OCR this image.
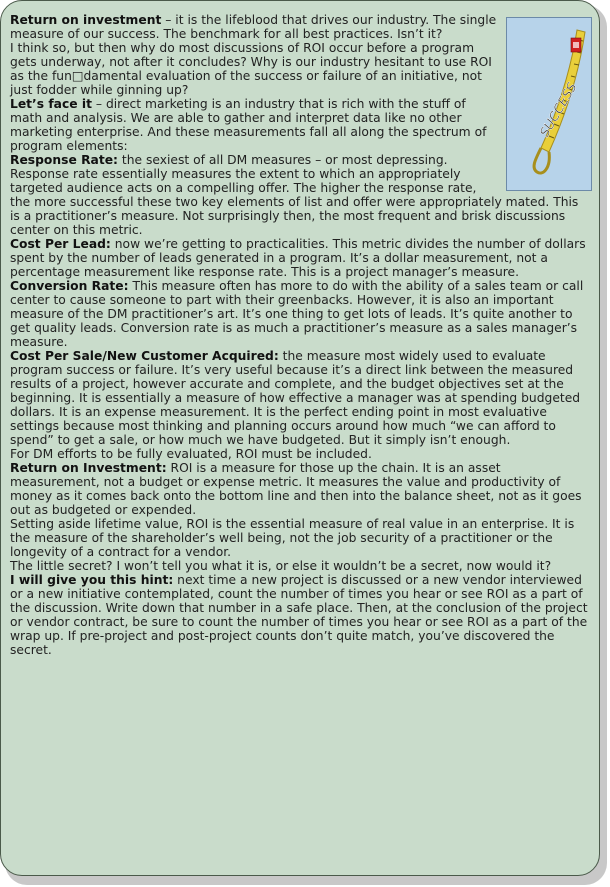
SUCCESS

Return on investment – it is the lifeblood that drives our industry. The single measure of our success. The benchmark for all best practices. Isn’t it?

I think so, but then why do most discussions of ROI occur before a program gets underway, not after it concludes? Why is our industry hesitant to use ROI as the fun□damental evaluation of the success or failure of an initiative, not just fodder while ginning up?

Let’s face it – direct marketing is an industry that is rich with the stuff of math and analysis. We are able to gather and interpret data like no other marketing enterprise. And these measurements fall all along the spectrum of program elements:

Response Rate: the sexiest of all DM measures – or most depressing. Response rate essentially measures the extent to which an appropriately targeted audience acts on a compelling offer. The higher the response rate, the more successful these two key elements of list and offer were appropriately mated. This is a practitioner’s measure. Not surprisingly then, the most frequent and brisk discussions center on this metric.

Cost Per Lead: now we’re getting to practicalities. This metric divides the number of dollars spent by the number of leads generated in a program. It’s a dollar measurement, not a percentage measurement like response rate. This is a project manager’s measure.

Conversion Rate: This measure often has more to do with the ability of a sales team or call center to cause someone to part with their greenbacks. However, it is also an important measure of the DM practitioner’s art. It’s one thing to get lots of leads. It’s quite another to get quality leads. Conversion rate is as much a practitioner’s measure as a sales manager’s measure.

Cost Per Sale/New Customer Acquired: the measure most widely used to evaluate program success or failure. It’s very useful because it’s a direct link between the measured results of a project, however accurate and complete, and the budget objectives set at the beginning. It is essentially a measure of how effective a manager was at spending budgeted dollars. It is an expense measurement. It is the perfect ending point in most evaluative settings because most thinking and planning occurs around how much “we can afford to spend” to get a sale, or how much we have budgeted. But it simply isn’t enough.

For DM efforts to be fully evaluated, ROI must be included.

Return on Investment: ROI is a measure for those up the chain. It is an asset measurement, not a budget or expense metric. It measures the value and productivity of money as it comes back onto the bottom line and then into the balance sheet, not as it goes out as budgeted or expended.

Setting aside lifetime value, ROI is the essential measure of real value in an enterprise. It is the measure of the shareholder’s well being, not the job security of a practitioner or the longevity of a contract for a vendor.

The little secret? I won’t tell you what it is, or else it wouldn’t be a secret, now would it?

I will give you this hint: next time a new project is discussed or a new vendor interviewed or a new initiative contemplated, count the number of times you hear or see ROI as a part of the discussion. Write down that number in a safe place. Then, at the conclusion of the project or vendor contract, be sure to count the number of times you hear or see ROI as a part of the wrap up. If pre-project and post-project counts don’t quite match, you’ve discovered the secret.
